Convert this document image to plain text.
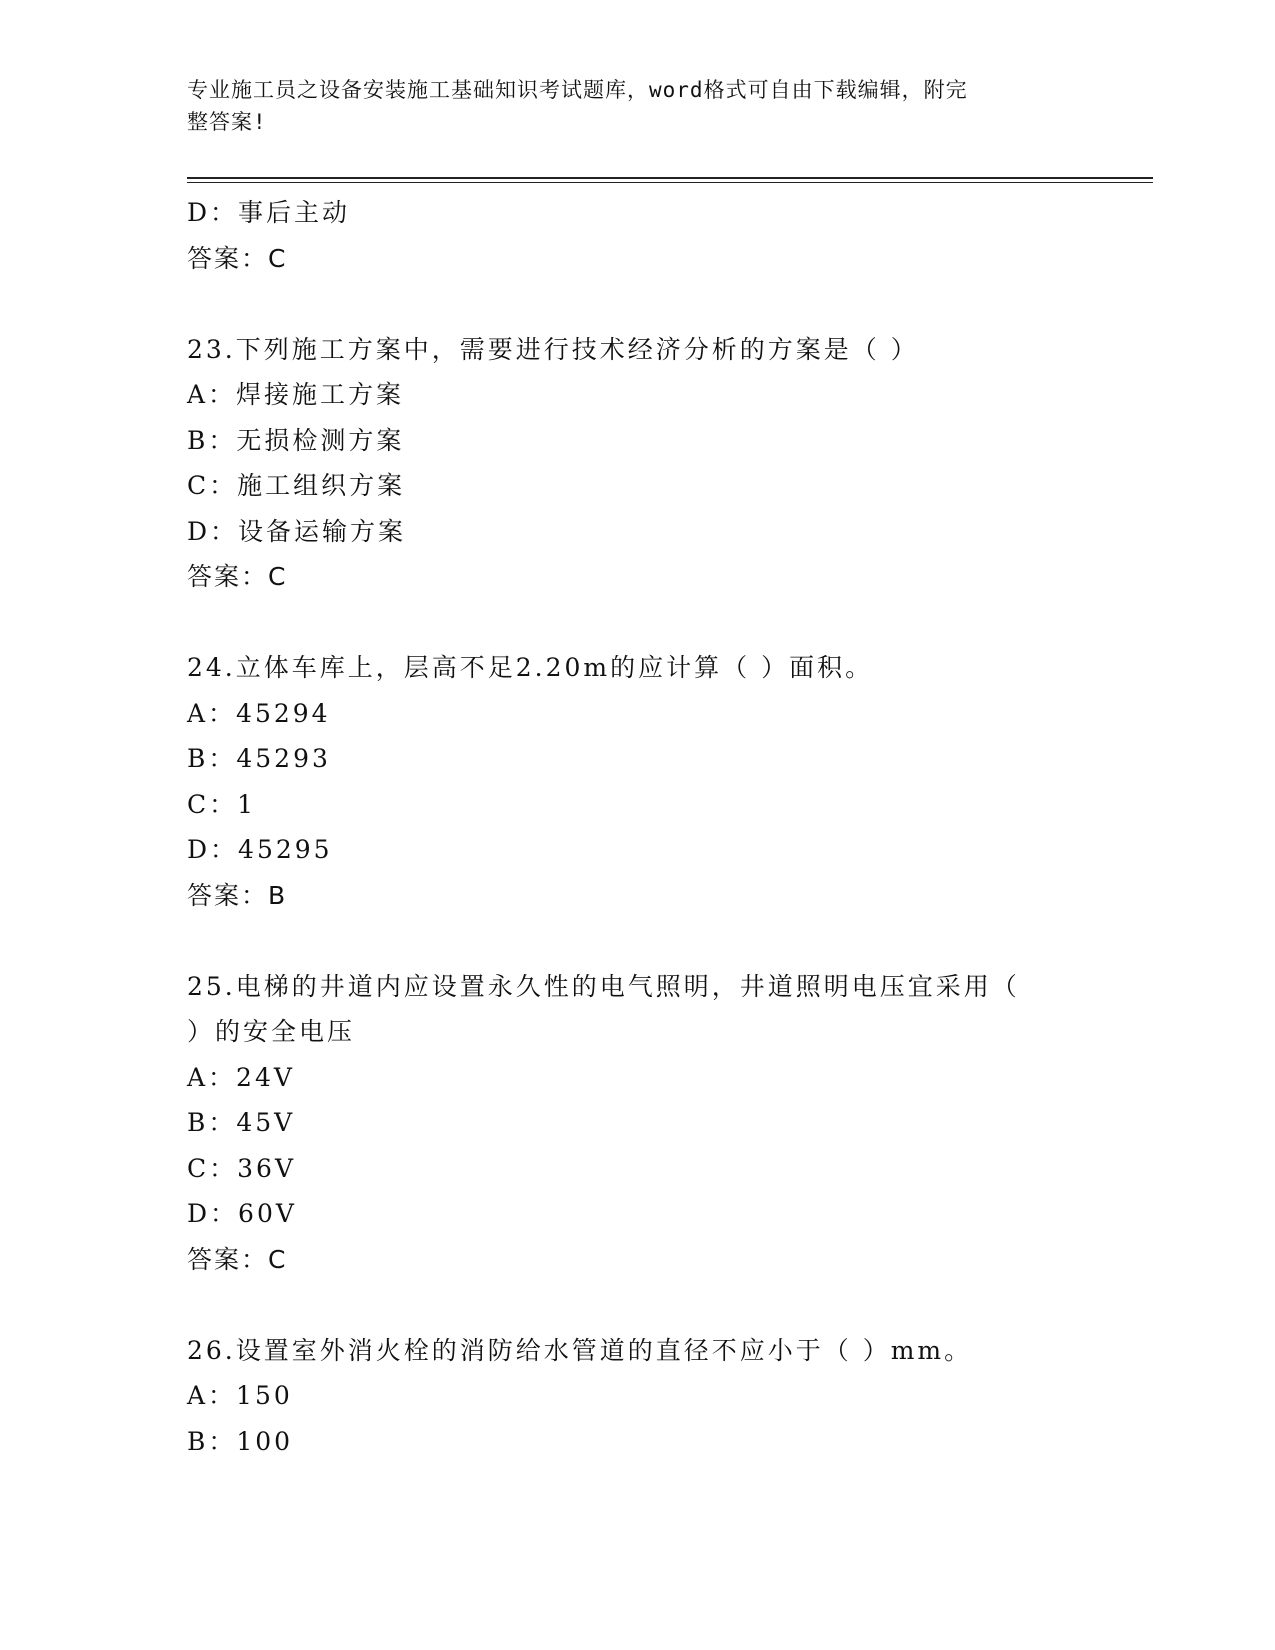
专业施工员之设备安装施工基础知识考试题库，word格式可自由下载编辑，附完
整答案!
D：事后主动
答案：C
23.下列施工方案中，需要进行技术经济分析的方案是（ ）
A：焊接施工方案
B：无损检测方案
C：施工组织方案
D：设备运输方案
答案：C
24.立体车库上，层高不足2.20m的应计算（ ）面积。
A：45294
B：45293
C：1
D：45295
答案：B
25.电梯的井道内应设置永久性的电气照明，井道照明电压宜采用（
）的安全电压
A：24V
B：45V
C：36V
D：60V
答案：C
26.设置室外消火栓的消防给水管道的直径不应小于（ ）mm。
A：150
B：100
